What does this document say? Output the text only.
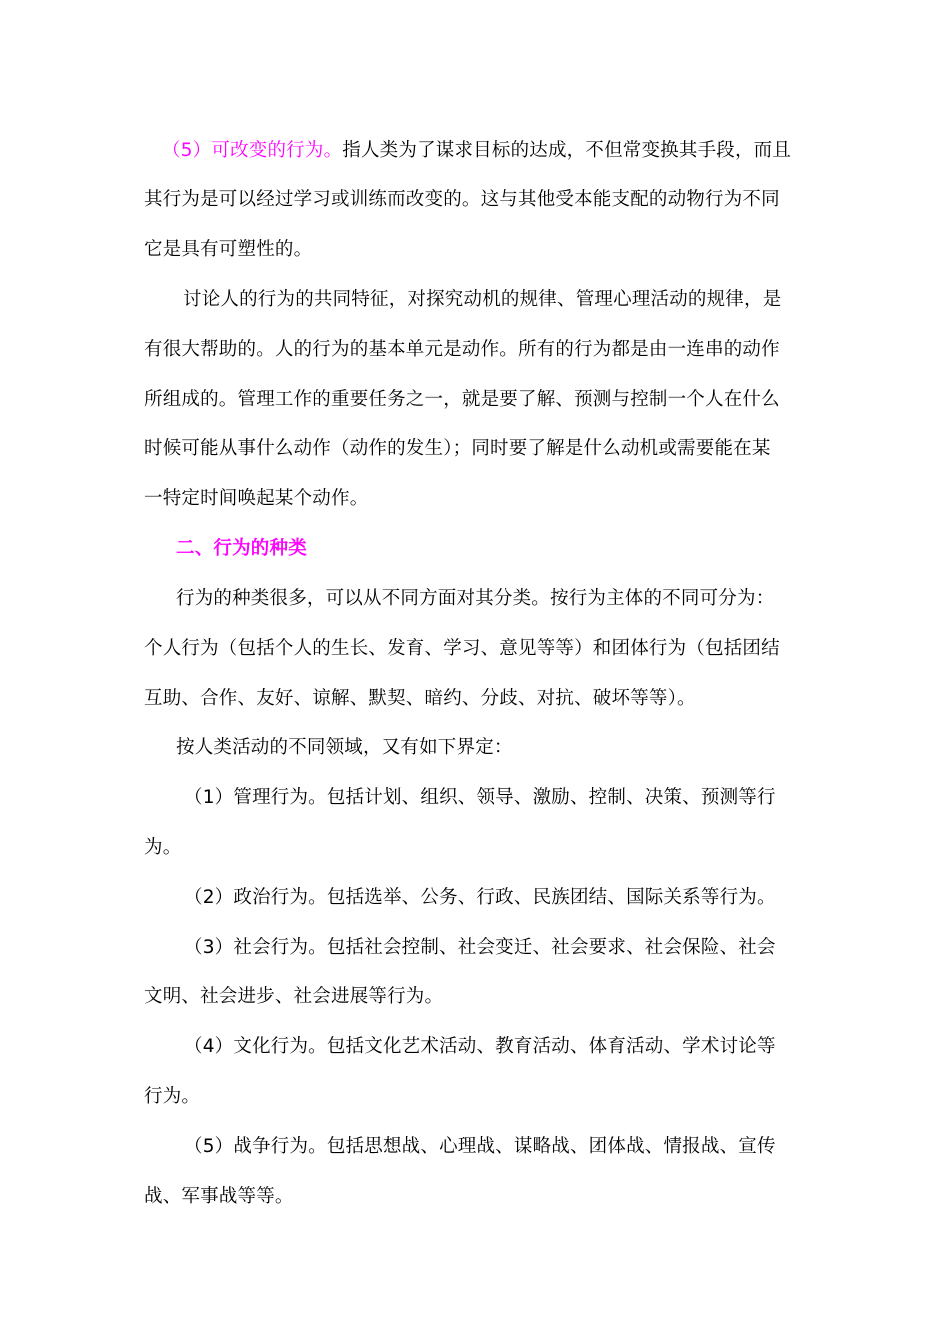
（5）可改变的行为。指人类为了谋求目标的达成，不但常变换其手段，而且
其行为是可以经过学习或训练而改变的。这与其他受本能支配的动物行为不同
它是具有可塑性的。
讨论人的行为的共同特征，对探究动机的规律、管理心理活动的规律，是
有很大帮助的。人的行为的基本单元是动作。所有的行为都是由一连串的动作
所组成的。管理工作的重要任务之一，就是要了解、预测与控制一个人在什么
时候可能从事什么动作（动作的发生）；同时要了解是什么动机或需要能在某
一特定时间唤起某个动作。
二、行为的种类
行为的种类很多，可以从不同方面对其分类。按行为主体的不同可分为：
个人行为（包括个人的生长、发育、学习、意见等等）和团体行为（包括团结
互助、合作、友好、谅解、默契、暗约、分歧、对抗、破坏等等）。
按人类活动的不同领域，又有如下界定：
（1）管理行为。包括计划、组织、领导、激励、控制、决策、预测等行
为。
（2）政治行为。包括选举、公务、行政、民族团结、国际关系等行为。
（3）社会行为。包括社会控制、社会变迁、社会要求、社会保险、社会
文明、社会进步、社会进展等行为。
（4）文化行为。包括文化艺术活动、教育活动、体育活动、学术讨论等
行为。
（5）战争行为。包括思想战、心理战、谋略战、团体战、情报战、宣传
战、军事战等等。
